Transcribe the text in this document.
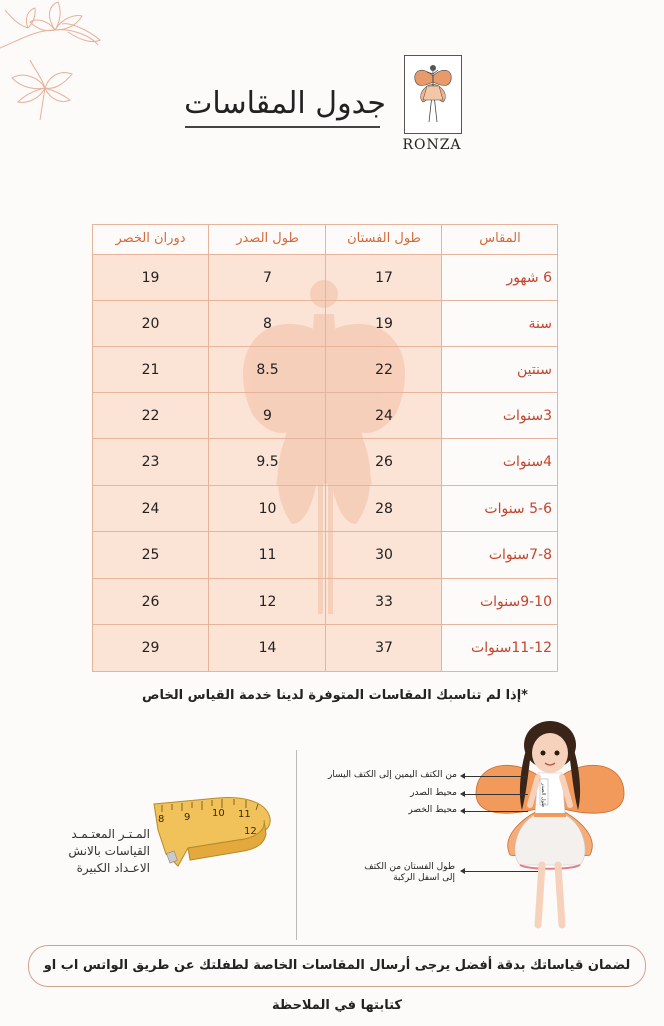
جدول المقاسات
RONZA
المقاس
طول الفستان
طول الصدر
دوران الخصر
6 شهور
17
7
19
سنة
19
8
20
سنتين
22
8.5
21
3سنوات
24
9
22
4سنوات
26
9.5
23
5-6 سنوات
28
10
24
7-8سنوات
30
11
25
9-10سنوات
33
12
26
11-12سنوات
37
14
29
*إذا لم تناسبك المقاسات المتوفرة لدينا خدمة القياس الخاص
8 9 10 11
12
المـتـر المعتـمـد
القياسات بالانش
الاعـداد الكبيرة
طول الصدر
من الكتف اليمين إلى الكتف اليسار
محيط الصدر
محيط الخصر
طول الفستان من الكتف
إلى اسفل الركبة
لضمان قياساتك بدقة أفضل يرجى أرسال المقاسات الخاصة لطفلتك عن طريق الواتس اب او كتابتها في الملاحظة
